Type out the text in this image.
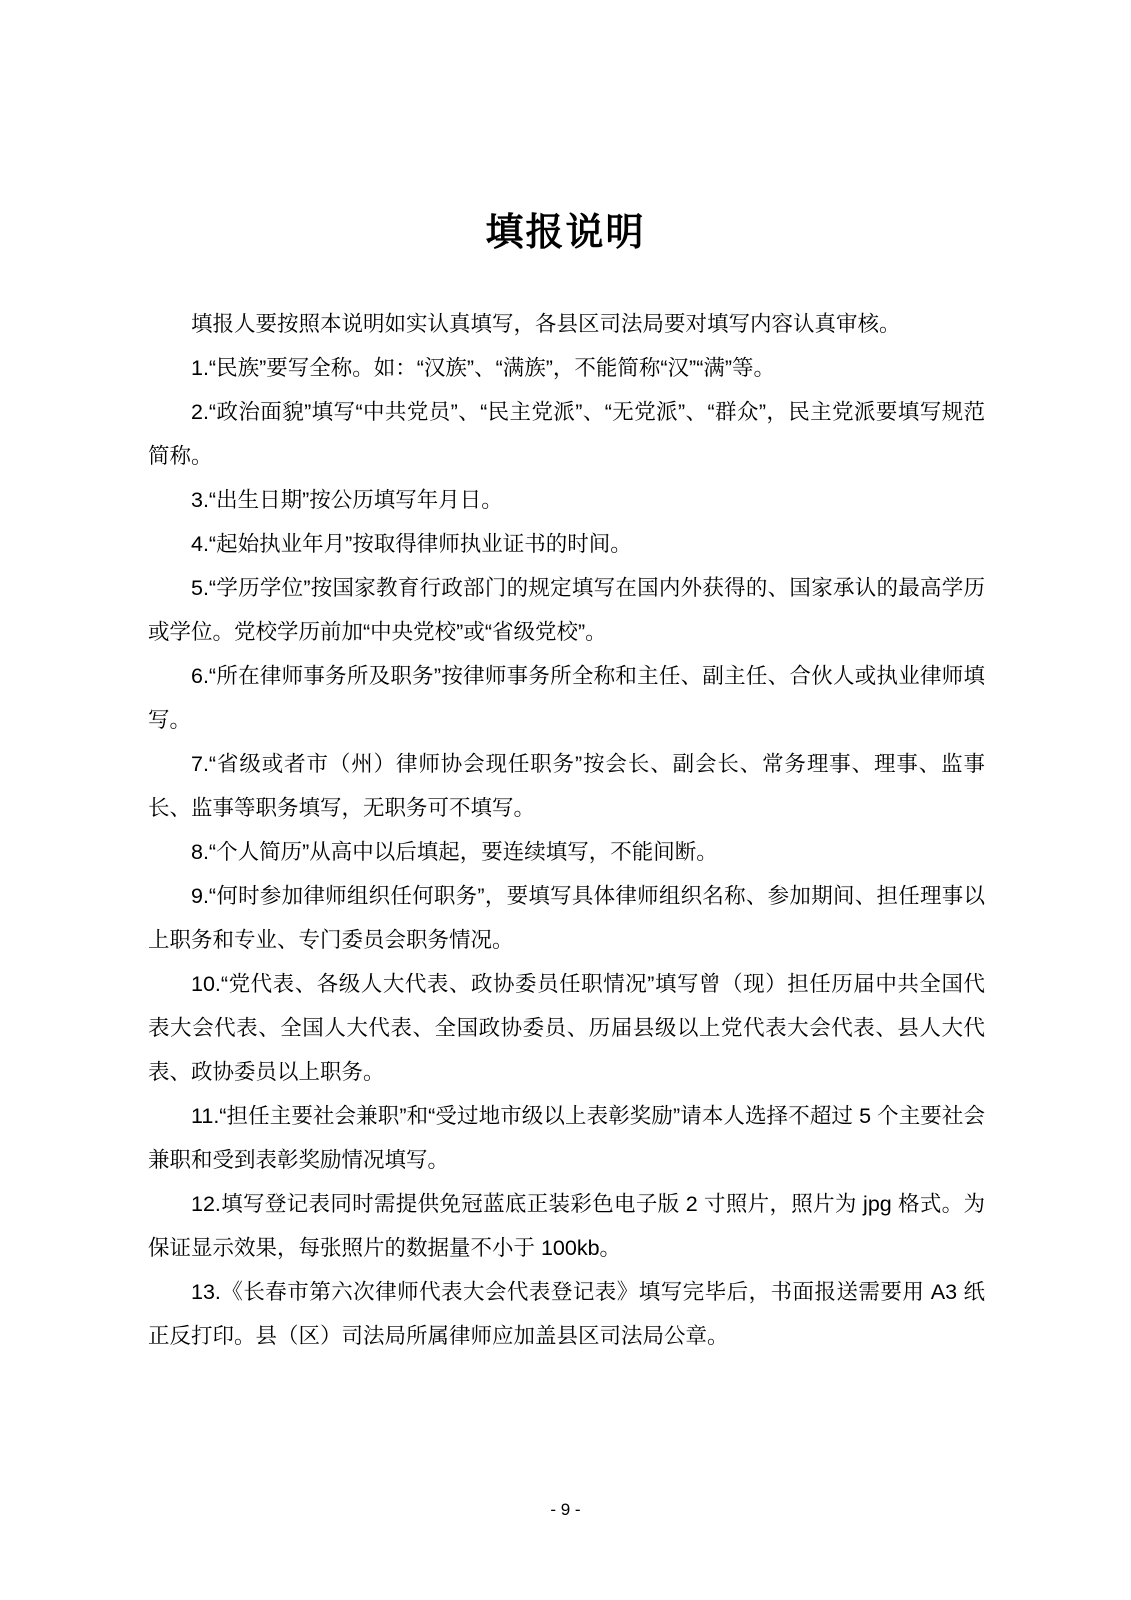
填报说明

填报人要按照本说明如实认真填写，各县区司法局要对填写内容认真审核。

1.“民族”要写全称。如：“汉族”、“满族”，不能简称“汉”“满”等。

2.“政治面貌”填写“中共党员”、“民主党派”、“无党派”、“群众”，民主党派要填写规范简称。

3.“出生日期”按公历填写年月日。

4.“起始执业年月”按取得律师执业证书的时间。

5.“学历学位”按国家教育行政部门的规定填写在国内外获得的、国家承认的最高学历或学位。党校学历前加“中央党校”或“省级党校”。

6.“所在律师事务所及职务”按律师事务所全称和主任、副主任、合伙人或执业律师填写。

7.“省级或者市（州）律师协会现任职务”按会长、副会长、常务理事、理事、监事长、监事等职务填写，无职务可不填写。

8.“个人简历”从高中以后填起，要连续填写，不能间断。

9.“何时参加律师组织任何职务”，要填写具体律师组织名称、参加期间、担任理事以上职务和专业、专门委员会职务情况。

10.“党代表、各级人大代表、政协委员任职情况”填写曾（现）担任历届中共全国代表大会代表、全国人大代表、全国政协委员、历届县级以上党代表大会代表、县人大代表、政协委员以上职务。

11.“担任主要社会兼职”和“受过地市级以上表彰奖励”请本人选择不超过 5 个主要社会兼职和受到表彰奖励情况填写。

12.填写登记表同时需提供免冠蓝底正装彩色电子版 2 寸照片，照片为 jpg 格式。为保证显示效果，每张照片的数据量不小于 100kb。

13.《长春市第六次律师代表大会代表登记表》填写完毕后，书面报送需要用 A3 纸正反打印。县（区）司法局所属律师应加盖县区司法局公章。

- 9 -
